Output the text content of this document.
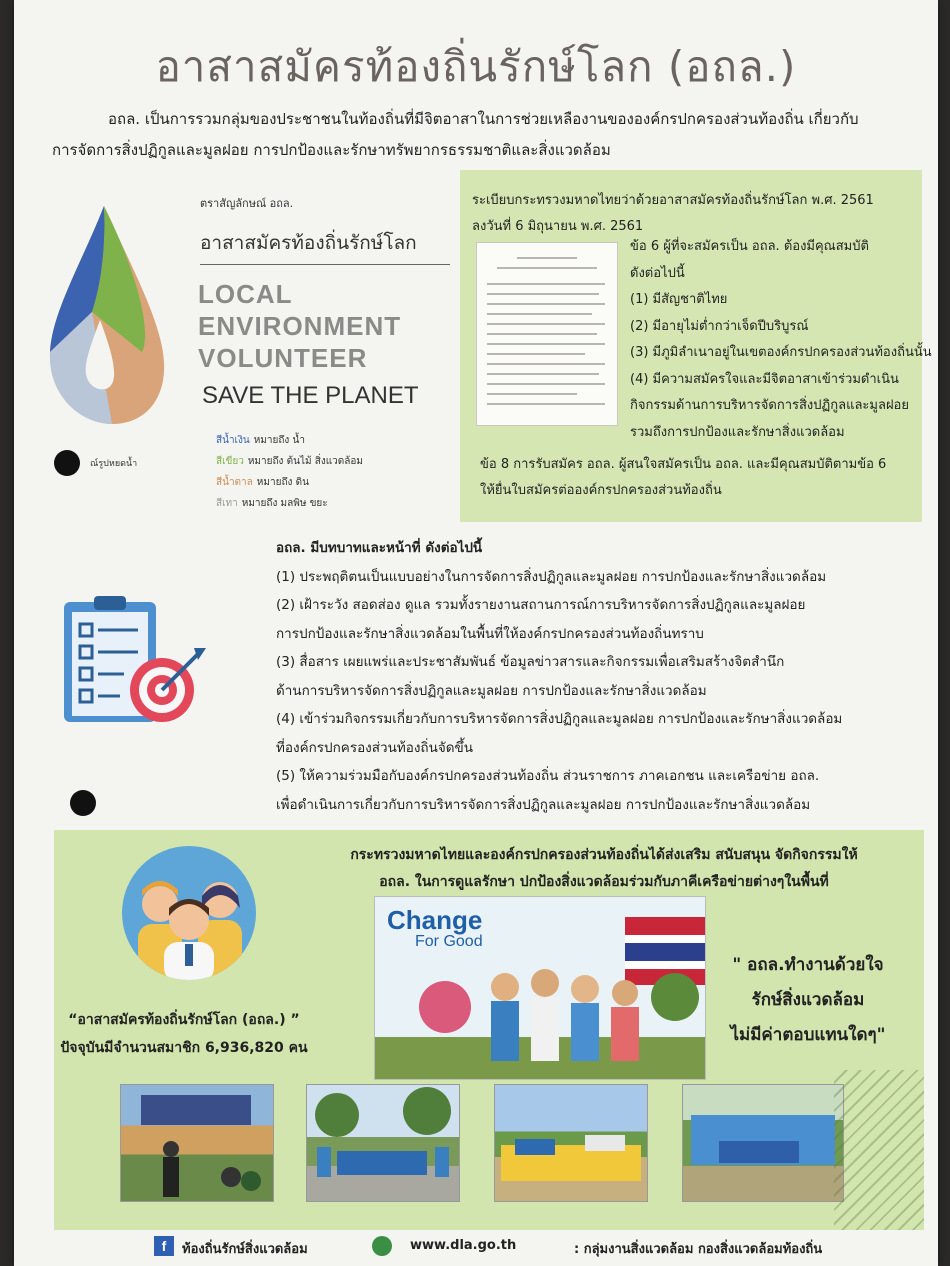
อาสาสมัครท้องถิ่นรักษ์โลก (อถล.)

อถล. เป็นการรวมกลุ่มของประชาชนในท้องถิ่นที่มีจิตอาสาในการช่วยเหลืองานขององค์กรปกครองส่วนท้องถิ่น เกี่ยวกับ

การจัดการสิ่งปฏิกูลและมูลฝอย การปกป้องและรักษาทรัพยากรธรรมชาติและสิ่งแวดล้อม
ณ์รูปหยดน้ำ
ตราสัญลักษณ์ อถล.
อาสาสมัครท้องถิ่นรักษ์โลก
LOCAL
ENVIRONMENT
VOLUNTEER
SAVE THE PLANET
สีน้ำเงิน หมายถึง น้ำ
สีเขียว หมายถึง ต้นไม้ สิ่งแวดล้อม
สีน้ำตาล หมายถึง ดิน
สีเทา หมายถึง มลพิษ ขยะ
ระเบียบกระทรวงมหาดไทยว่าด้วยอาสาสมัครท้องถิ่นรักษ์โลก พ.ศ. 2561
ลงวันที่ 6 มิถุนายน พ.ศ. 2561
ข้อ 6 ผู้ที่จะสมัครเป็น อถล. ต้องมีคุณสมบัติ
ดังต่อไปนี้
(1) มีสัญชาติไทย
(2) มีอายุไม่ต่ำกว่าเจ็ดปีบริบูรณ์
(3) มีภูมิลำเนาอยู่ในเขตองค์กรปกครองส่วนท้องถิ่นนั้น
(4) มีความสมัครใจและมีจิตอาสาเข้าร่วมดำเนิน
กิจกรรมด้านการบริหารจัดการสิ่งปฏิกูลและมูลฝอย
รวมถึงการปกป้องและรักษาสิ่งแวดล้อม
ข้อ 8 การรับสมัคร อถล. ผู้สนใจสมัครเป็น อถล. และมีคุณสมบัติตามข้อ 6
ให้ยื่นใบสมัครต่อองค์กรปกครองส่วนท้องถิ่น
อถล. มีบทบาทและหน้าที่ ดังต่อไปนี้
(1) ประพฤติตนเป็นแบบอย่างในการจัดการสิ่งปฏิกูลและมูลฝอย การปกป้องและรักษาสิ่งแวดล้อม
(2) เฝ้าระวัง สอดส่อง ดูแล รวมทั้งรายงานสถานการณ์การบริหารจัดการสิ่งปฏิกูลและมูลฝอย
การปกป้องและรักษาสิ่งแวดล้อมในพื้นที่ให้องค์กรปกครองส่วนท้องถิ่นทราบ
(3) สื่อสาร เผยแพร่และประชาสัมพันธ์ ข้อมูลข่าวสารและกิจกรรมเพื่อเสริมสร้างจิตสำนึก
ด้านการบริหารจัดการสิ่งปฏิกูลและมูลฝอย การปกป้องและรักษาสิ่งแวดล้อม
(4) เข้าร่วมกิจกรรมเกี่ยวกับการบริหารจัดการสิ่งปฏิกูลและมูลฝอย การปกป้องและรักษาสิ่งแวดล้อม
ที่องค์กรปกครองส่วนท้องถิ่นจัดขึ้น
(5) ให้ความร่วมมือกับองค์กรปกครองส่วนท้องถิ่น ส่วนราชการ ภาคเอกชน และเครือข่าย อถล.
เพื่อดำเนินการเกี่ยวกับการบริหารจัดการสิ่งปฏิกูลและมูลฝอย การปกป้องและรักษาสิ่งแวดล้อม
กระทรวงมหาดไทยและองค์กรปกครองส่วนท้องถิ่นได้ส่งเสริม สนับสนุน จัดกิจกรรมให้
อถล. ในการดูแลรักษา ปกป้องสิ่งแวดล้อมร่วมกับภาคีเครือข่ายต่างๆในพื้นที่
“อาสาสมัครท้องถิ่นรักษ์โลก (อถล.) ”
ปัจจุบันมีจำนวนสมาชิก 6,936,820 คน
Change
For Good
" อถล.ทำงานด้วยใจ
รักษ์สิ่งแวดล้อม
ไม่มีค่าตอบแทนใดๆ"
f	ท้องถิ่นรักษ์สิ่งแวดล้อม	www.dla.go.th	: กลุ่มงานสิ่งแวดล้อม กองสิ่งแวดล้อมท้องถิ่น
